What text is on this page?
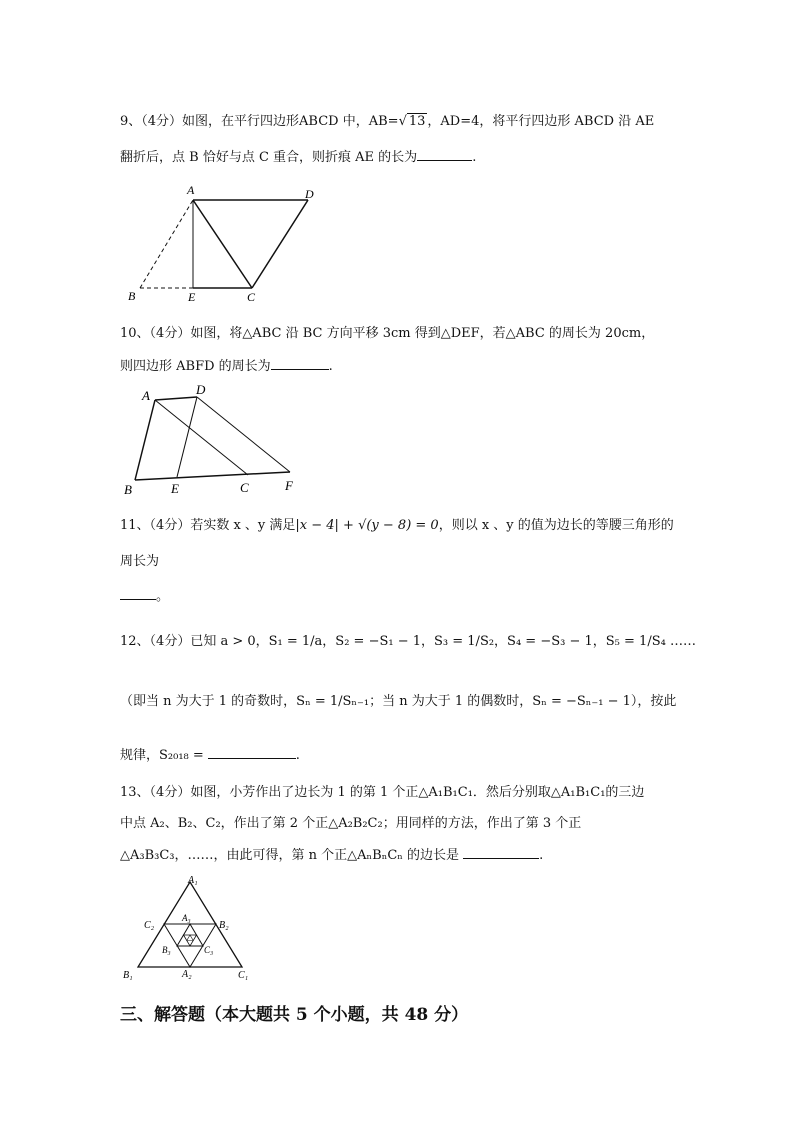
9、（4分）如图，在平行四边形ABCD 中，AB=√ 13 ，AD=4，将平行四边形 ABCD 沿 AE
翻折后，点 B 恰好与点 C 重合，则折痕 AE 的长为	.
A	D
B	E	C
10、（4分）如图，将△ABC 沿 BC 方向平移 3cm 得到△DEF，若△ABC 的周长为 20cm，
则四边形 ABFD 的周长为	.
A	D
B	E	C	F
11、（4分）若实数 x 、y 满足|x − 4| + √(y − 8) = 0，则以 x 、y 的值为边长的等腰三角形的
周长为
。
12、（4分）已知 a > 0，S₁ = 1/a，S₂ = −S₁ − 1，S₃ = 1/S₂，S₄ = −S₃ − 1，S₅ = 1/S₄ ……
（即当 n 为大于 1 的奇数时，Sₙ = 1/Sₙ₋₁；当 n 为大于 1 的偶数时，Sₙ = −Sₙ₋₁ − 1），按此
规律，S₂₀₁₈ =	.
13、（4分）如图，小芳作出了边长为 1 的第 1 个正△A₁B₁C₁．然后分别取△A₁B₁C₁的三边
中点 A₂、B₂、C₂，作出了第 2 个正△A₂B₂C₂；用同样的方法，作出了第 3 个正
△A₃B₃C₃，……，由此可得，第 n 个正△AₙBₙCₙ 的边长是	.
A₁
B₁	C₁
A₂
B₂
C₂
A₃
B₃	C₃
三、解答题（本大题共 5 个小题，共 48 分）
